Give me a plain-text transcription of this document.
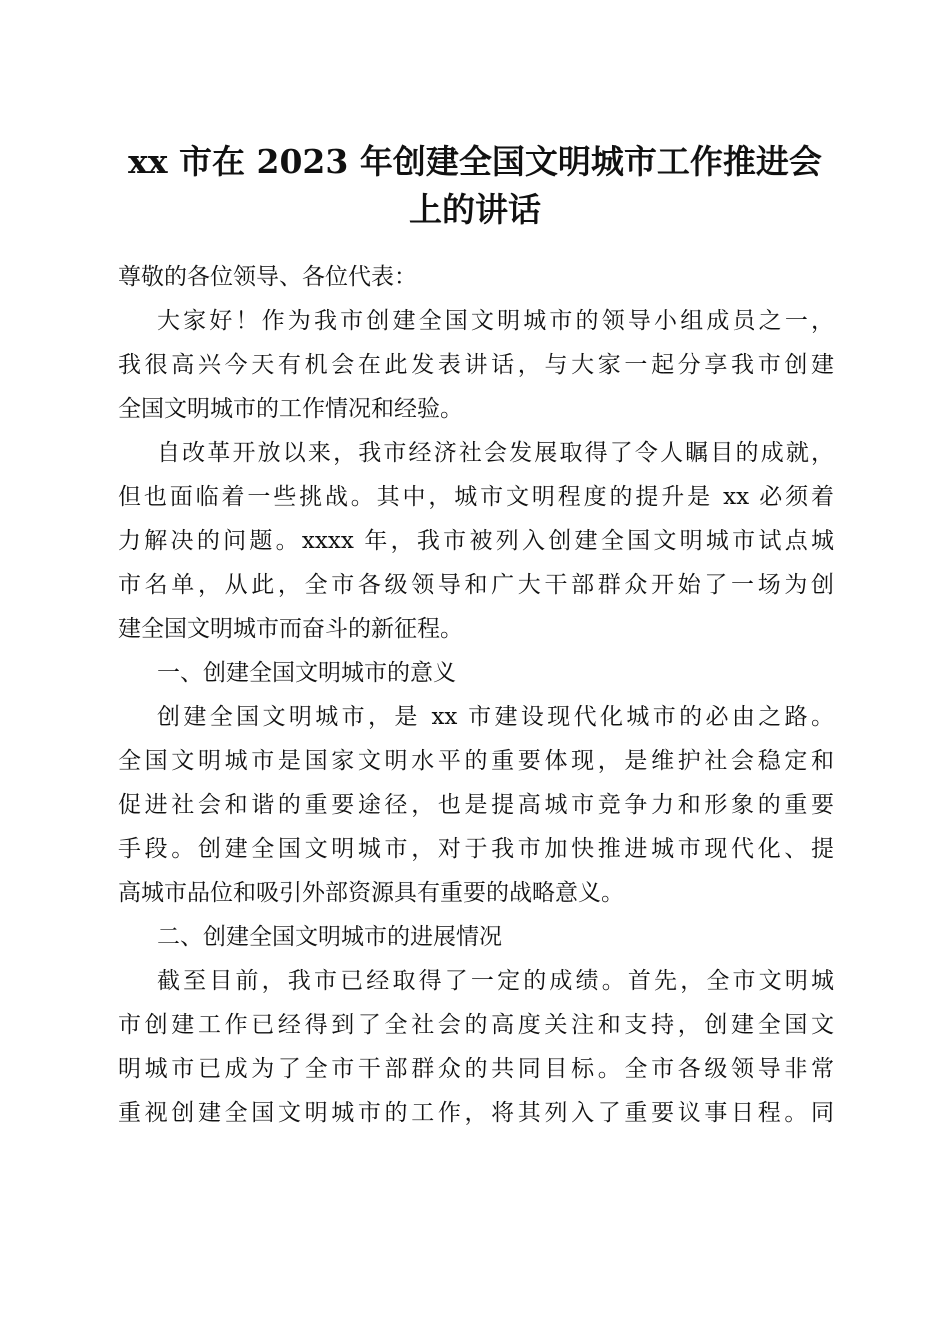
xx 市在 2023 年创建全国文明城市工作推进会
上的讲话
尊敬的各位领导、各位代表：
大家好！作为我市创建全国文明城市的领导小组成员之一，
我很高兴今天有机会在此发表讲话，与大家一起分享我市创建
全国文明城市的工作情况和经验。
自改革开放以来，我市经济社会发展取得了令人瞩目的成就，
但也面临着一些挑战。其中，城市文明程度的提升是 xx 必须着
力解决的问题。xxxx 年，我市被列入创建全国文明城市试点城
市名单，从此，全市各级领导和广大干部群众开始了一场为创
建全国文明城市而奋斗的新征程。
一、创建全国文明城市的意义
创建全国文明城市，是 xx 市建设现代化城市的必由之路。
全国文明城市是国家文明水平的重要体现，是维护社会稳定和
促进社会和谐的重要途径，也是提高城市竞争力和形象的重要
手段。创建全国文明城市，对于我市加快推进城市现代化、提
高城市品位和吸引外部资源具有重要的战略意义。
二、创建全国文明城市的进展情况
截至目前，我市已经取得了一定的成绩。首先，全市文明城
市创建工作已经得到了全社会的高度关注和支持，创建全国文
明城市已成为了全市干部群众的共同目标。全市各级领导非常
重视创建全国文明城市的工作，将其列入了重要议事日程。同
